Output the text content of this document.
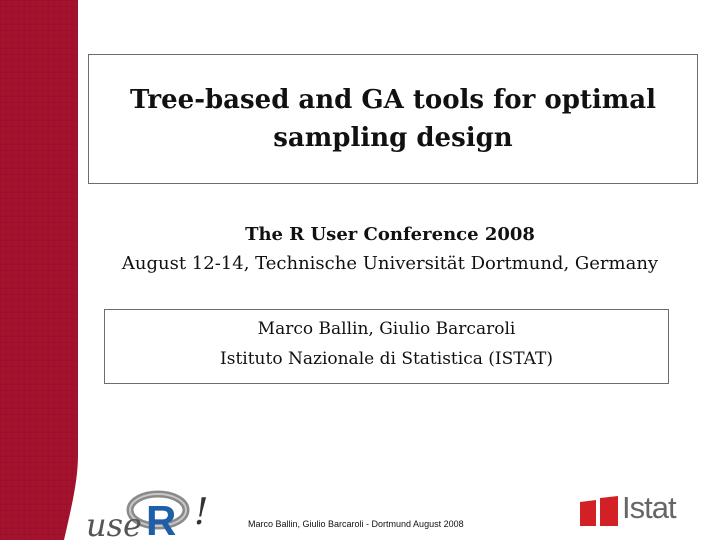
Tree-based and GA tools for optimal sampling design
The R User Conference 2008
August 12-14, Technische Universität Dortmund, Germany
Marco Ballin, Giulio Barcaroli
Istituto Nazionale di Statistica (ISTAT)
use R !	Marco Ballin, Giulio Barcaroli - Dortmund August 2008	Istat
